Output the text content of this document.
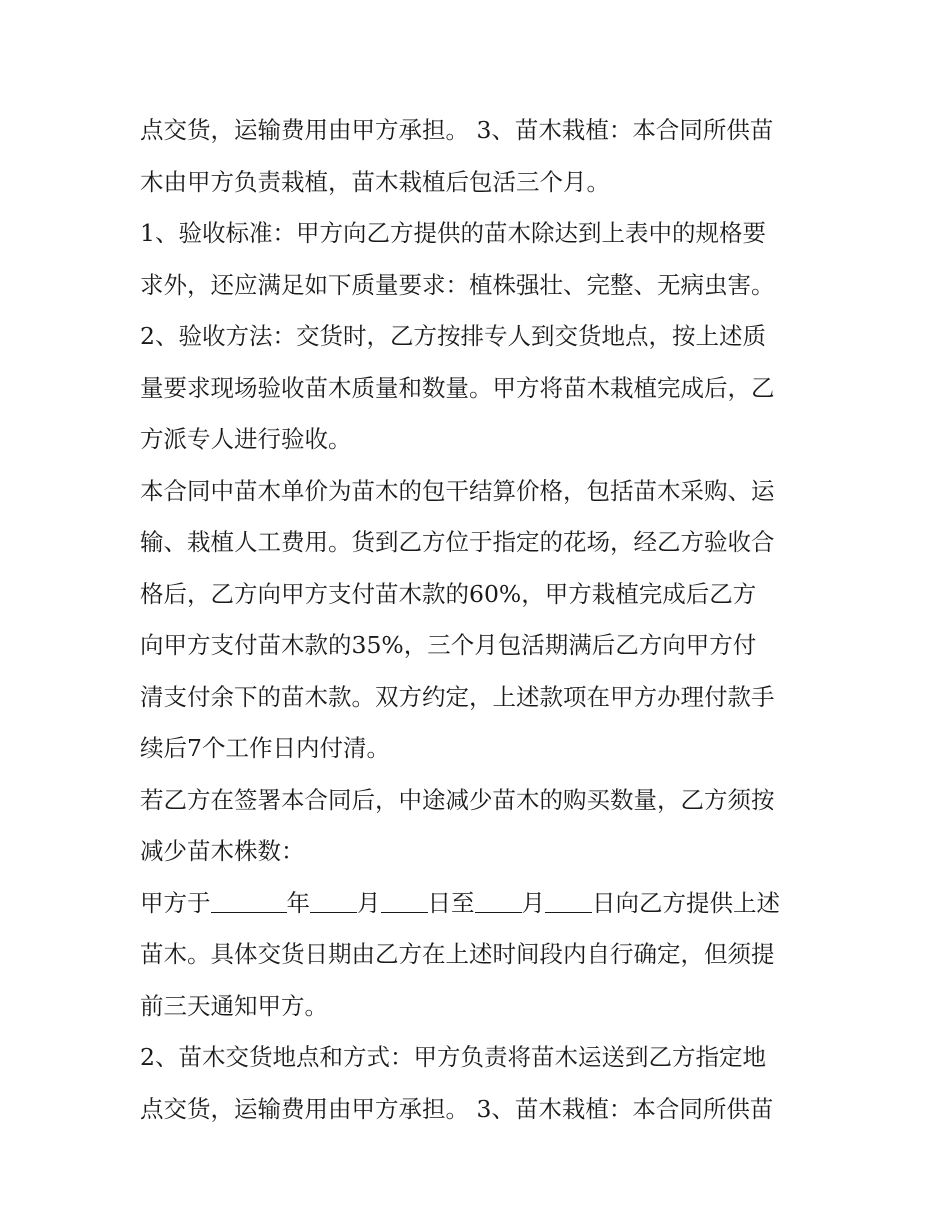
点交货，运输费用由甲方承担。 3、苗木栽植：本合同所供苗
木由甲方负责栽植，苗木栽植后包活三个月。
1、验收标准：甲方向乙方提供的苗木除达到上表中的规格要
求外，还应满足如下质量要求：植株强壮、完整、无病虫害。
2、验收方法：交货时，乙方按排专人到交货地点，按上述质
量要求现场验收苗木质量和数量。甲方将苗木栽植完成后，乙
方派专人进行验收。
本合同中苗木单价为苗木的包干结算价格，包括苗木采购、运
输、栽植人工费用。货到乙方位于指定的花场，经乙方验收合
格后，乙方向甲方支付苗木款的60%，甲方栽植完成后乙方
向甲方支付苗木款的35%，三个月包活期满后乙方向甲方付
清支付余下的苗木款。双方约定，上述款项在甲方办理付款手
续后7个工作日内付清。
若乙方在签署本合同后，中途减少苗木的购买数量，乙方须按
减少苗木株数：
甲方于	年 月 日至 月 日向乙方提供上述
苗木。具体交货日期由乙方在上述时间段内自行确定，但须提
前三天通知甲方。
2、苗木交货地点和方式：甲方负责将苗木运送到乙方指定地
点交货，运输费用由甲方承担。 3、苗木栽植：本合同所供苗
